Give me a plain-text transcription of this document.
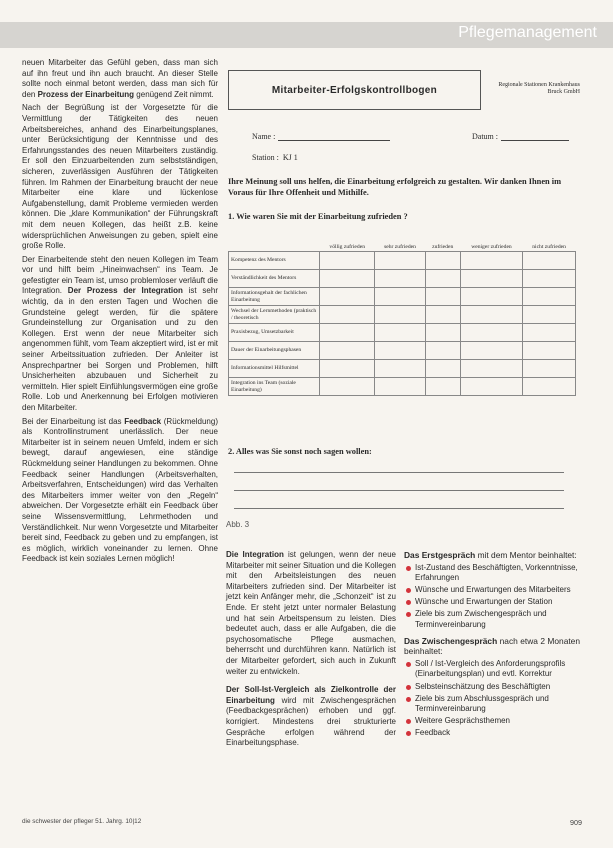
Pflegemanagement

neuen Mitarbeiter das Gefühl geben, dass man sich auf ihn freut und ihn auch braucht. An dieser Stelle sollte noch einmal betont werden, dass man sich für den Prozess der Einarbeitung genügend Zeit nimmt.

Nach der Begrüßung ist der Vorgesetzte für die Vermittlung der Tätigkeiten des neuen Arbeitsbereiches, anhand des Einarbeitungsplanes, unter Berücksichtigung der Kenntnisse und des Erfahrungsstandes des neuen Mitarbeiters zuständig. Er soll den Einzuarbeitenden zum selbstständigen, sicheren, zuverlässigen Ausführen der Tätigkeiten führen. Im Rahmen der Einarbeitung braucht der neue Mitarbeiter eine klare und lückenlose Aufgabenstellung, damit Probleme vermieden werden können. Die „klare Kommunikation“ der Führungskraft mit dem neuen Kollegen, das heißt z.B. keine widersprüchlichen Anweisungen zu geben, spielt eine große Rolle.

Der Einarbeitende steht den neuen Kollegen im Team vor und hilft beim „Hineinwachsen“ ins Team. Je gefestigter ein Team ist, umso problemloser verläuft die Integration. Der Prozess der Integration ist sehr wichtig, da in den ersten Tagen und Wochen die Grundsteine gelegt werden, für die spätere Grundeinstellung zur Organisation und zu den Kollegen. Erst wenn der neue Mitarbeiter sich angenommen fühlt, vom Team akzeptiert wird, ist er mit seiner Arbeitssituation zufrieden. Der Anleiter ist Ansprechpartner bei Sorgen und Problemen, hilft Unsicherheiten abzubauen und Sicherheit zu vermitteln. Hier spielt Einfühlungsvermögen eine große Rolle. Lob und Anerkennung bei Erfolgen motivieren den Mitarbeiter.

Bei der Einarbeitung ist das Feedback (Rückmeldung) als Kontrollinstrument unerlässlich. Der neue Mitarbeiter ist in seinem neuen Umfeld, indem er sich bewegt, darauf angewiesen, eine ständige Rückmeldung seiner Handlungen zu bekommen. Ohne Feedback seiner Handlungen (Arbeitsverhalten, Arbeitsverfahren, Entscheidungen) wird das Verhalten des Mitarbeiters immer weiter von den „Regeln“ abweichen. Der Vorgesetzte erhält ein Feedback über seine Wissensvermittlung, Lehrmethoden und Verständlichkeit. Nur wenn Vorgesetzte und Mitarbeiter bereit sind, Feedback zu geben und zu empfangen, ist es möglich, wirklich voneinander zu lernen. Ohne Feedback ist kein soziales Lernen möglich!

Mitarbeiter-Erfolgskontrollbogen	Regionale Stationen Krankenhaus Bruck GmbH
Name :	Datum :
Station : KJ 1
Ihre Meinung soll uns helfen, die Einarbeitung erfolgreich zu gestalten. Wir danken Ihnen im Voraus für Ihre Offenheit und Mithilfe.
1. Wie waren Sie mit der Einarbeitung zufrieden ?
	völlig zufrieden	sehr zufrieden	zufrieden	weniger zufrieden	nicht zufrieden
Kompetenz des Mentors					
Verständlichkeit des Mentors					
Informationsgehalt der fachlichen Einarbeitung					
Wechsel der Lernmethoden (praktisch / theoretisch					
Praxisbezug, Umsetzbarkeit					
Dauer der Einarbeitungsphasen					
Informationsmittel Hilfsmittel					
Integration ins Team (soziale Einarbeitung)					
2. Alles was Sie sonst noch sagen wollen:
Abb. 3

Die Integration ist gelungen, wenn der neue Mitarbeiter mit seiner Situation und die Kollegen mit den Arbeitsleistungen des neuen Mitarbeiters zufrieden sind. Der Mitarbeiter ist jetzt kein Anfänger mehr, die „Schonzeit“ ist zu Ende. Er steht jetzt unter normaler Belastung und hat sein Arbeitspensum zu leisten. Dies bedeutet auch, dass er alle Aufgaben, die die psychosomatische Pflege ausmachen, beherrscht und durchführen kann. Natürlich ist der Mitarbeiter gefordert, sich auch in Zukunft weiter zu entwickeln.

Der Soll-Ist-Vergleich als Zielkontrolle der Einarbeitung wird mit Zwischengesprächen (Feedbackgesprächen) erhoben und ggf. korrigiert. Mindestens drei strukturierte Gespräche erfolgen während der Einarbeitungsphase.

Das Erstgespräch mit dem Mentor beinhaltet:
Ist-Zustand des Beschäftigten, Vorkenntnisse, Erfahrungen
Wünsche und Erwartungen des Mitarbeiters
Wünsche und Erwartungen der Station
Ziele bis zum Zwischengespräch und Terminvereinbarung
Das Zwischengespräch nach etwa 2 Monaten beinhaltet:
Soll / Ist-Vergleich des Anforderungsprofils (Einarbeitungsplan) und evtl. Korrektur
Selbsteinschätzung des Beschäftigten
Ziele bis zum Abschlussgespräch und Terminvereinbarung
Weitere Gesprächsthemen
Feedback
die schwester der pfleger 51. Jahrg. 10|12	909
